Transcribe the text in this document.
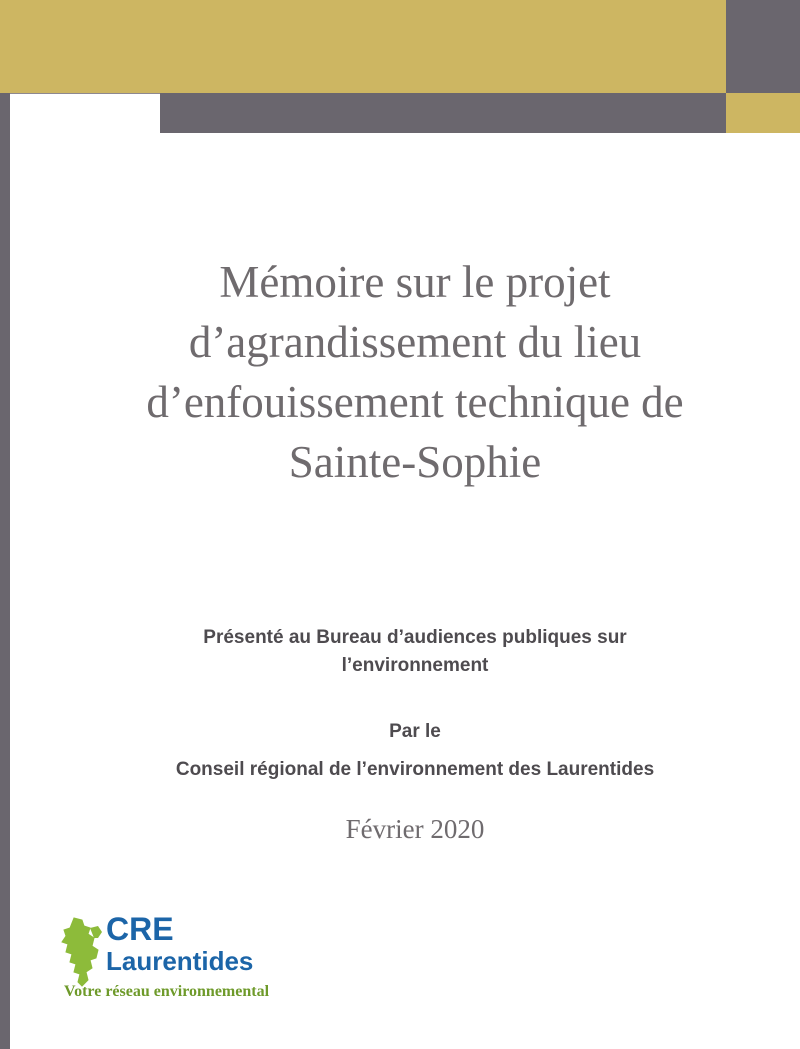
Mémoire sur le projet
d’agrandissement du lieu
d’enfouissement technique de
Sainte-Sophie
Présenté au Bureau d’audiences publiques sur
l’environnement
Par le
Conseil régional de l’environnement des Laurentides
Février 2020
CRE
Laurentides
Votre réseau environnemental
